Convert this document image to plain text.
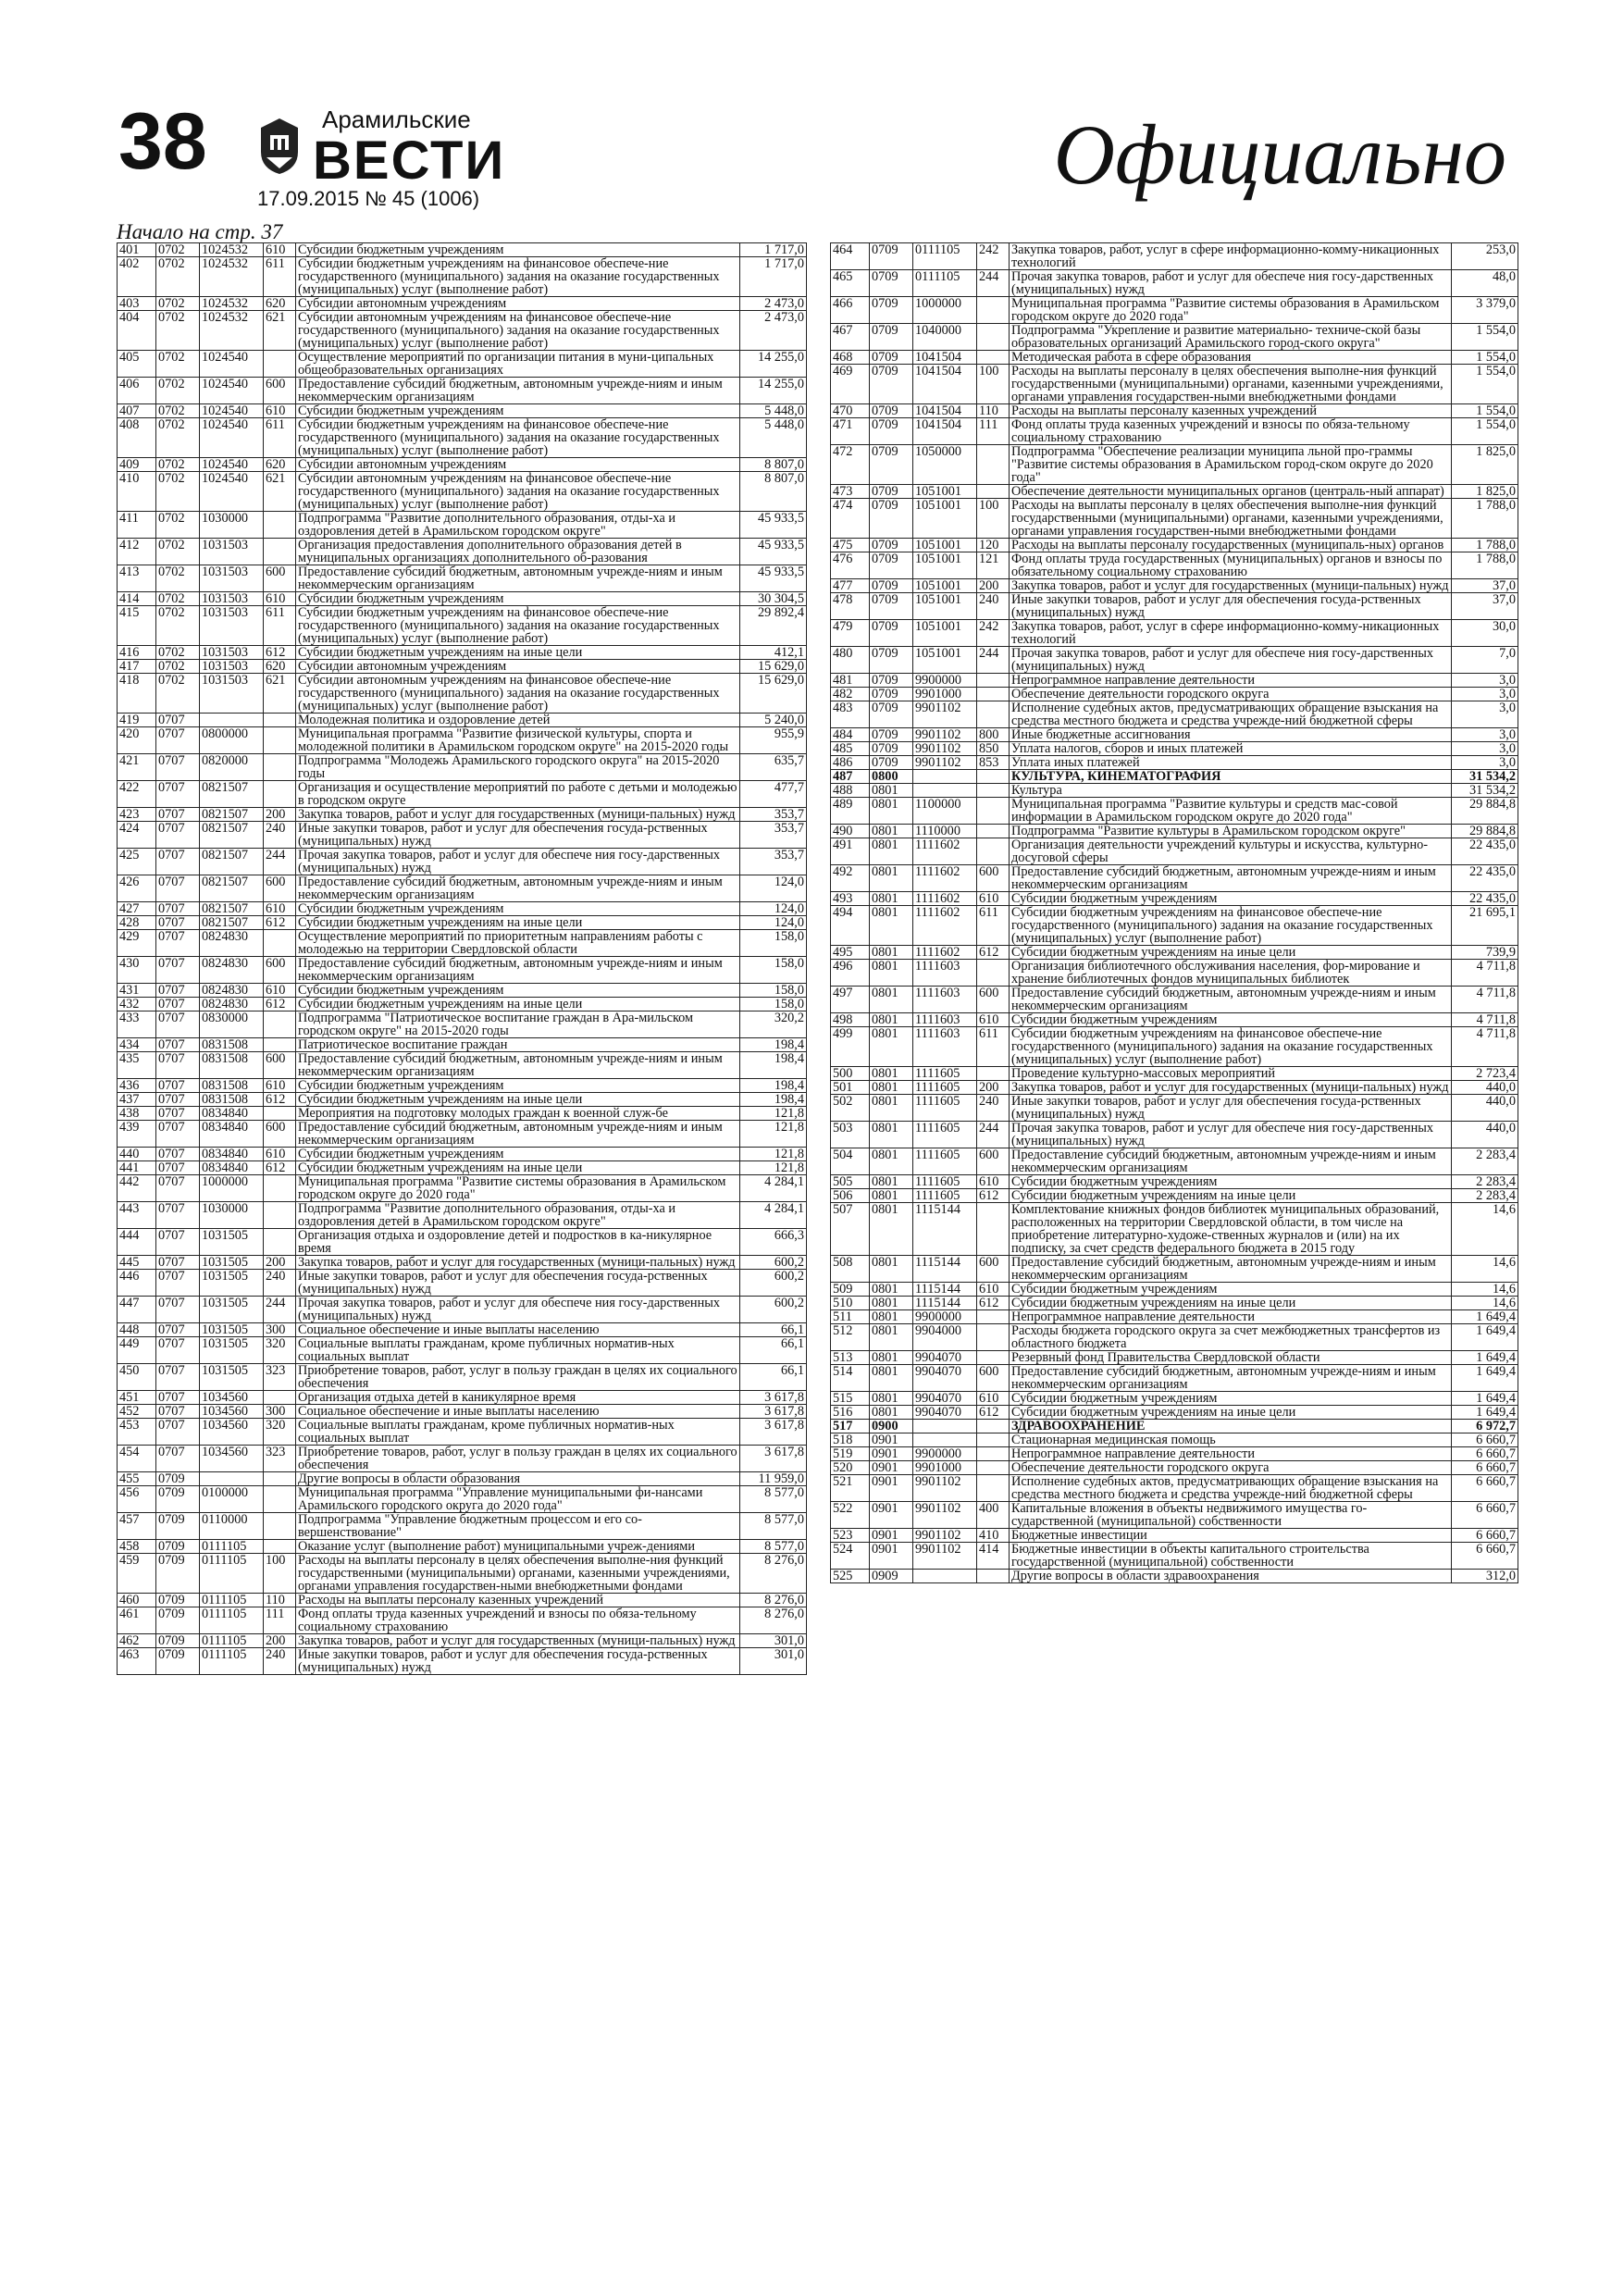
38	Арамильские
ВЕСТИ
17.09.2015 № 45 (1006)	Официально
Начало на стр. 37
401	0702	1024532	610	Субсидии бюджетным учреждениям	1 717,0
402	0702	1024532	611	Субсидии бюджетным учреждениям на финансовое обеспече-ние государственного (муниципального) задания на оказание государственных (муниципальных) услуг (выполнение работ)	1 717,0
403	0702	1024532	620	Субсидии автономным учреждениям	2 473,0
404	0702	1024532	621	Субсидии автономным учреждениям на финансовое обеспече-ние государственного (муниципального) задания на оказание государственных (муниципальных) услуг (выполнение работ)	2 473,0
405	0702	1024540		Осуществление мероприятий по организации питания в муни-ципальных общеобразовательных организациях	14 255,0
406	0702	1024540	600	Предоставление субсидий бюджетным, автономным учрежде-ниям и иным некоммерческим организациям	14 255,0
407	0702	1024540	610	Субсидии бюджетным учреждениям	5 448,0
408	0702	1024540	611	Субсидии бюджетным учреждениям на финансовое обеспече-ние государственного (муниципального) задания на оказание государственных (муниципальных) услуг (выполнение работ)	5 448,0
409	0702	1024540	620	Субсидии автономным учреждениям	8 807,0
410	0702	1024540	621	Субсидии автономным учреждениям на финансовое обеспече-ние государственного (муниципального) задания на оказание государственных (муниципальных) услуг (выполнение работ)	8 807,0
411	0702	1030000		Подпрограмма "Развитие дополнительного образования, отды-ха и оздоровления детей в Арамильском городском округе"	45 933,5
412	0702	1031503		Организация предоставления дополнительного образования детей в муниципальных организациях дополнительного об-разования	45 933,5
413	0702	1031503	600	Предоставление субсидий бюджетным, автономным учрежде-ниям и иным некоммерческим организациям	45 933,5
414	0702	1031503	610	Субсидии бюджетным учреждениям	30 304,5
415	0702	1031503	611	Субсидии бюджетным учреждениям на финансовое обеспече-ние государственного (муниципального) задания на оказание государственных (муниципальных) услуг (выполнение работ)	29 892,4
416	0702	1031503	612	Субсидии бюджетным учреждениям на иные цели	412,1
417	0702	1031503	620	Субсидии автономным учреждениям	15 629,0
418	0702	1031503	621	Субсидии автономным учреждениям на финансовое обеспече-ние государственного (муниципального) задания на оказание государственных (муниципальных) услуг (выполнение работ)	15 629,0
419	0707			Молодежная политика и оздоровление детей	5 240,0
420	0707	0800000		Муниципальная программа "Развитие физической культуры, спорта и молодежной политики в Арамильском городском округе" на 2015-2020 годы	955,9
421	0707	0820000		Подпрограмма "Молодежь Арамильского городского округа" на 2015-2020 годы	635,7
422	0707	0821507		Организация и осуществление мероприятий по работе с детьми и молодежью в городском округе	477,7
423	0707	0821507	200	Закупка товаров, работ и услуг для государственных (муници-пальных) нужд	353,7
424	0707	0821507	240	Иные закупки товаров, работ и услуг для обеспечения госуда-рственных (муниципальных) нужд	353,7
425	0707	0821507	244	Прочая закупка товаров, работ и услуг для обеспече ния госу-дарственных (муниципальных) нужд	353,7
426	0707	0821507	600	Предоставление субсидий бюджетным, автономным учрежде-ниям и иным некоммерческим организациям	124,0
427	0707	0821507	610	Субсидии бюджетным учреждениям	124,0
428	0707	0821507	612	Субсидии бюджетным учреждениям на иные цели	124,0
429	0707	0824830		Осуществление мероприятий по приоритетным направлениям работы с молодежью на территории Свердловской области	158,0
430	0707	0824830	600	Предоставление субсидий бюджетным, автономным учрежде-ниям и иным некоммерческим организациям	158,0
431	0707	0824830	610	Субсидии бюджетным учреждениям	158,0
432	0707	0824830	612	Субсидии бюджетным учреждениям на иные цели	158,0
433	0707	0830000		Подпрограмма "Патриотическое воспитание граждан в Ара-мильском городском округе" на 2015-2020 годы	320,2
434	0707	0831508		Патриотическое воспитание граждан	198,4
435	0707	0831508	600	Предоставление субсидий бюджетным, автономным учрежде-ниям и иным некоммерческим организациям	198,4
436	0707	0831508	610	Субсидии бюджетным учреждениям	198,4
437	0707	0831508	612	Субсидии бюджетным учреждениям на иные цели	198,4
438	0707	0834840		Мероприятия на подготовку молодых граждан к военной служ-бе	121,8
439	0707	0834840	600	Предоставление субсидий бюджетным, автономным учрежде-ниям и иным некоммерческим организациям	121,8
440	0707	0834840	610	Субсидии бюджетным учреждениям	121,8
441	0707	0834840	612	Субсидии бюджетным учреждениям на иные цели	121,8
442	0707	1000000		Муниципальная программа "Развитие системы образования в Арамильском городском округе до 2020 года"	4 284,1
443	0707	1030000		Подпрограмма "Развитие дополнительного образования, отды-ха и оздоровления детей в Арамильском городском округе"	4 284,1
444	0707	1031505		Организация отдыха и оздоровление детей и подростков в ка-никулярное время	666,3
445	0707	1031505	200	Закупка товаров, работ и услуг для государственных (муници-пальных) нужд	600,2
446	0707	1031505	240	Иные закупки товаров, работ и услуг для обеспечения госуда-рственных (муниципальных) нужд	600,2
447	0707	1031505	244	Прочая закупка товаров, работ и услуг для обеспече ния госу-дарственных (муниципальных) нужд	600,2
448	0707	1031505	300	Социальное обеспечение и иные выплаты населению	66,1
449	0707	1031505	320	Социальные выплаты гражданам, кроме публичных норматив-ных социальных выплат	66,1
450	0707	1031505	323	Приобретение товаров, работ, услуг в пользу граждан в целях их социального обеспечения	66,1
451	0707	1034560		Организация отдыха детей в каникулярное время	3 617,8
452	0707	1034560	300	Социальное обеспечение и иные выплаты населению	3 617,8
453	0707	1034560	320	Социальные выплаты гражданам, кроме публичных норматив-ных социальных выплат	3 617,8
454	0707	1034560	323	Приобретение товаров, работ, услуг в пользу граждан в целях их социального обеспечения	3 617,8
455	0709			Другие вопросы в области образования	11 959,0
456	0709	0100000		Муниципальная программа "Управление муниципальными фи-нансами Арамильского городского округа до 2020 года"	8 577,0
457	0709	0110000		Подпрограмма "Управление бюджетным процессом и его со-вершенствование"	8 577,0
458	0709	0111105		Оказание услуг (выполнение работ) муниципальными учреж-дениями	8 577,0
459	0709	0111105	100	Расходы на выплаты персоналу в целях обеспечения выполне-ния функций государственными (муниципальными) органами, казенными учреждениями, органами управления государствен-ными внебюджетными фондами	8 276,0
460	0709	0111105	110	Расходы на выплаты персоналу казенных учреждений	8 276,0
461	0709	0111105	111	Фонд оплаты труда казенных учреждений и взносы по обяза-тельному социальному страхованию	8 276,0
462	0709	0111105	200	Закупка товаров, работ и услуг для государственных (муници-пальных) нужд	301,0
463	0709	0111105	240	Иные закупки товаров, работ и услуг для обеспечения госуда-рственных (муниципальных) нужд	301,0
464	0709	0111105	242	Закупка товаров, работ, услуг в сфере информационно-комму-никационных технологий	253,0
465	0709	0111105	244	Прочая закупка товаров, работ и услуг для обеспече ния госу-дарственных (муниципальных) нужд	48,0
466	0709	1000000		Муниципальная программа "Развитие системы образования в Арамильском городском округе до 2020 года"	3 379,0
467	0709	1040000		Подпрограмма "Укрепление и развитие материально- техниче-ской базы образовательных организаций Арамильского город-ского округа"	1 554,0
468	0709	1041504		Методическая работа в сфере образования	1 554,0
469	0709	1041504	100	Расходы на выплаты персоналу в целях обеспечения выполне-ния функций государственными (муниципальными) органами, казенными учреждениями, органами управления государствен-ными внебюджетными фондами	1 554,0
470	0709	1041504	110	Расходы на выплаты персоналу казенных учреждений	1 554,0
471	0709	1041504	111	Фонд оплаты труда казенных учреждений и взносы по обяза-тельному социальному страхованию	1 554,0
472	0709	1050000		Подпрограмма "Обеспечение реализации муниципа льной про-граммы "Развитие системы образования в Арамильском город-ском округе до 2020 года"	1 825,0
473	0709	1051001		Обеспечение деятельности муниципальных органов (централь-ный аппарат)	1 825,0
474	0709	1051001	100	Расходы на выплаты персоналу в целях обеспечения выполне-ния функций государственными (муниципальными) органами, казенными учреждениями, органами управления государствен-ными внебюджетными фондами	1 788,0
475	0709	1051001	120	Расходы на выплаты персоналу государственных (муниципаль-ных) органов	1 788,0
476	0709	1051001	121	Фонд оплаты труда государственных (муниципальных) органов и взносы по обязательному социальному страхованию	1 788,0
477	0709	1051001	200	Закупка товаров, работ и услуг для государственных (муници-пальных) нужд	37,0
478	0709	1051001	240	Иные закупки товаров, работ и услуг для обеспечения госуда-рственных (муниципальных) нужд	37,0
479	0709	1051001	242	Закупка товаров, работ, услуг в сфере информационно-комму-никационных технологий	30,0
480	0709	1051001	244	Прочая закупка товаров, работ и услуг для обеспече ния госу-дарственных (муниципальных) нужд	7,0
481	0709	9900000		Непрограммное направление деятельности	3,0
482	0709	9901000		Обеспечение деятельности городского округа	3,0
483	0709	9901102		Исполнение судебных актов, предусматривающих обращение взыскания на средства местного бюджета и средства учрежде-ний бюджетной сферы	3,0
484	0709	9901102	800	Иные бюджетные ассигнования	3,0
485	0709	9901102	850	Уплата налогов, сборов и иных платежей	3,0
486	0709	9901102	853	Уплата иных платежей	3,0
487	0800			КУЛЬТУРА, КИНЕМАТОГРАФИЯ	31 534,2
488	0801			Культура	31 534,2
489	0801	1100000		Муниципальная программа "Развитие культуры и средств мас-совой информации в Арамильском городском округе до 2020 года"	29 884,8
490	0801	1110000		Подпрограмма "Развитие культуры в Арамильском городском округе"	29 884,8
491	0801	1111602		Организация деятельности учреждений культуры и искусства, культурно-досуговой сферы	22 435,0
492	0801	1111602	600	Предоставление субсидий бюджетным, автономным учрежде-ниям и иным некоммерческим организациям	22 435,0
493	0801	1111602	610	Субсидии бюджетным учреждениям	22 435,0
494	0801	1111602	611	Субсидии бюджетным учреждениям на финансовое обеспече-ние государственного (муниципального) задания на оказание государственных (муниципальных) услуг (выполнение работ)	21 695,1
495	0801	1111602	612	Субсидии бюджетным учреждениям на иные цели	739,9
496	0801	1111603		Организация библиотечного обслуживания населения, фор-мирование и хранение библиотечных фондов муниципальных библиотек	4 711,8
497	0801	1111603	600	Предоставление субсидий бюджетным, автономным учрежде-ниям и иным некоммерческим организациям	4 711,8
498	0801	1111603	610	Субсидии бюджетным учреждениям	4 711,8
499	0801	1111603	611	Субсидии бюджетным учреждениям на финансовое обеспече-ние государственного (муниципального) задания на оказание государственных (муниципальных) услуг (выполнение работ)	4 711,8
500	0801	1111605		Проведение культурно-массовых мероприятий	2 723,4
501	0801	1111605	200	Закупка товаров, работ и услуг для государственных (муници-пальных) нужд	440,0
502	0801	1111605	240	Иные закупки товаров, работ и услуг для обеспечения госуда-рственных (муниципальных) нужд	440,0
503	0801	1111605	244	Прочая закупка товаров, работ и услуг для обеспече ния госу-дарственных (муниципальных) нужд	440,0
504	0801	1111605	600	Предоставление субсидий бюджетным, автономным учрежде-ниям и иным некоммерческим организациям	2 283,4
505	0801	1111605	610	Субсидии бюджетным учреждениям	2 283,4
506	0801	1111605	612	Субсидии бюджетным учреждениям на иные цели	2 283,4
507	0801	1115144		Комплектование книжных фондов библиотек муниципальных образований, расположенных на территории Свердловской области, в том числе на приобретение литературно-художе-ственных журналов и (или) на их подписку, за счет средств федерального бюджета в 2015 году	14,6
508	0801	1115144	600	Предоставление субсидий бюджетным, автономным учрежде-ниям и иным некоммерческим организациям	14,6
509	0801	1115144	610	Субсидии бюджетным учреждениям	14,6
510	0801	1115144	612	Субсидии бюджетным учреждениям на иные цели	14,6
511	0801	9900000		Непрограммное направление деятельности	1 649,4
512	0801	9904000		Расходы бюджета городского округа за счет межбюджетных трансфертов из областного бюджета	1 649,4
513	0801	9904070		Резервный фонд Правительства Свердловской области	1 649,4
514	0801	9904070	600	Предоставление субсидий бюджетным, автономным учрежде-ниям и иным некоммерческим организациям	1 649,4
515	0801	9904070	610	Субсидии бюджетным учреждениям	1 649,4
516	0801	9904070	612	Субсидии бюджетным учреждениям на иные цели	1 649,4
517	0900			ЗДРАВООХРАНЕНИЕ	6 972,7
518	0901			Стационарная медицинская помощь	6 660,7
519	0901	9900000		Непрограммное направление деятельности	6 660,7
520	0901	9901000		Обеспечение деятельности городского округа	6 660,7
521	0901	9901102		Исполнение судебных актов, предусматривающих обращение взыскания на средства местного бюджета и средства учрежде-ний бюджетной сферы	6 660,7
522	0901	9901102	400	Капитальные вложения в объекты недвижимого имущества го-сударственной (муниципальной) собственности	6 660,7
523	0901	9901102	410	Бюджетные инвестиции	6 660,7
524	0901	9901102	414	Бюджетные инвестиции в объекты капитального строительства государственной (муниципальной) собственности	6 660,7
525	0909			Другие вопросы в области здравоохранения	312,0
